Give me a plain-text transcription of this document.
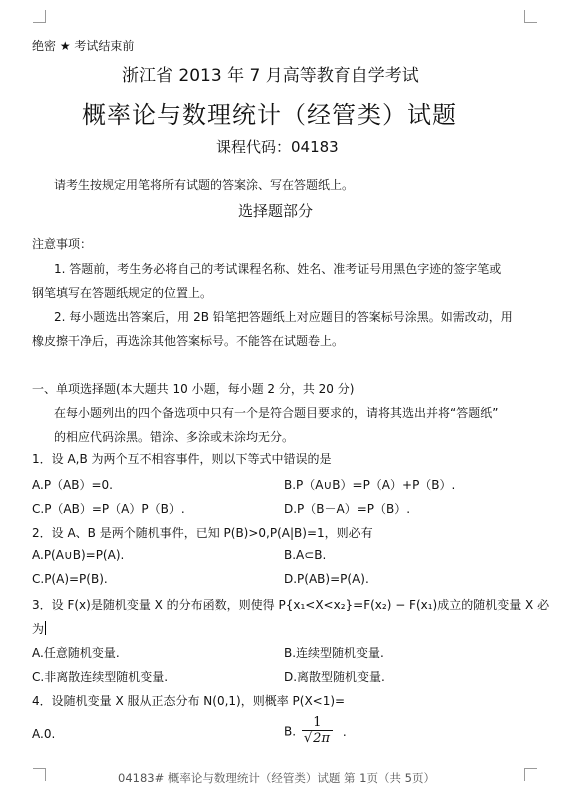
绝密 ★ 考试结束前
浙江省 2013 年 7 月高等教育自学考试
概率论与数理统计（经管类）试题
课程代码：04183
请考生按规定用笔将所有试题的答案涂、写在答题纸上。
选择题部分
注意事项：
1. 答题前，考生务必将自己的考试课程名称、姓名、准考证号用黑色字迹的签字笔或
钢笔填写在答题纸规定的位置上。
2. 每小题选出答案后，用 2B 铅笔把答题纸上对应题目的答案标号涂黑。如需改动，用
橡皮擦干净后，再选涂其他答案标号。不能答在试题卷上。
一、单项选择题(本大题共 10 小题，每小题 2 分，共 20 分)
在每小题列出的四个备选项中只有一个是符合题目要求的，请将其选出并将“答题纸”
的相应代码涂黑。错涂、多涂或未涂均无分。
1．设 A,B 为两个互不相容事件，则以下等式中错误的是
A.P（AB）=0.	B.P（A∪B）=P（A）+P（B）.
C.P（AB）=P（A）P（B）.	D.P（B－A）=P（B）.
2．设 A、B 是两个随机事件，已知 P(B)>0,P(A|B)=1，则必有
A.P(A∪B)=P(A).	B.A⊂B.
C.P(A)=P(B).	D.P(AB)=P(A).
3．设 F(x)是随机变量 X 的分布函数，则使得 P{x₁<X<x₂}=F(x₂) − F(x₁)成立的随机变量 X 必
为
A.任意随机变量.	B.连续型随机变量.
C.非离散连续型随机变量.	D.离散型随机变量.
4．设随机变量 X 服从正态分布 N(0,1)，则概率 P(X<1)=
A.0.	B. $\frac{1}{√2\pi}$ .
04183# 概率论与数理统计（经管类）试题 第 1页（共 5页）
